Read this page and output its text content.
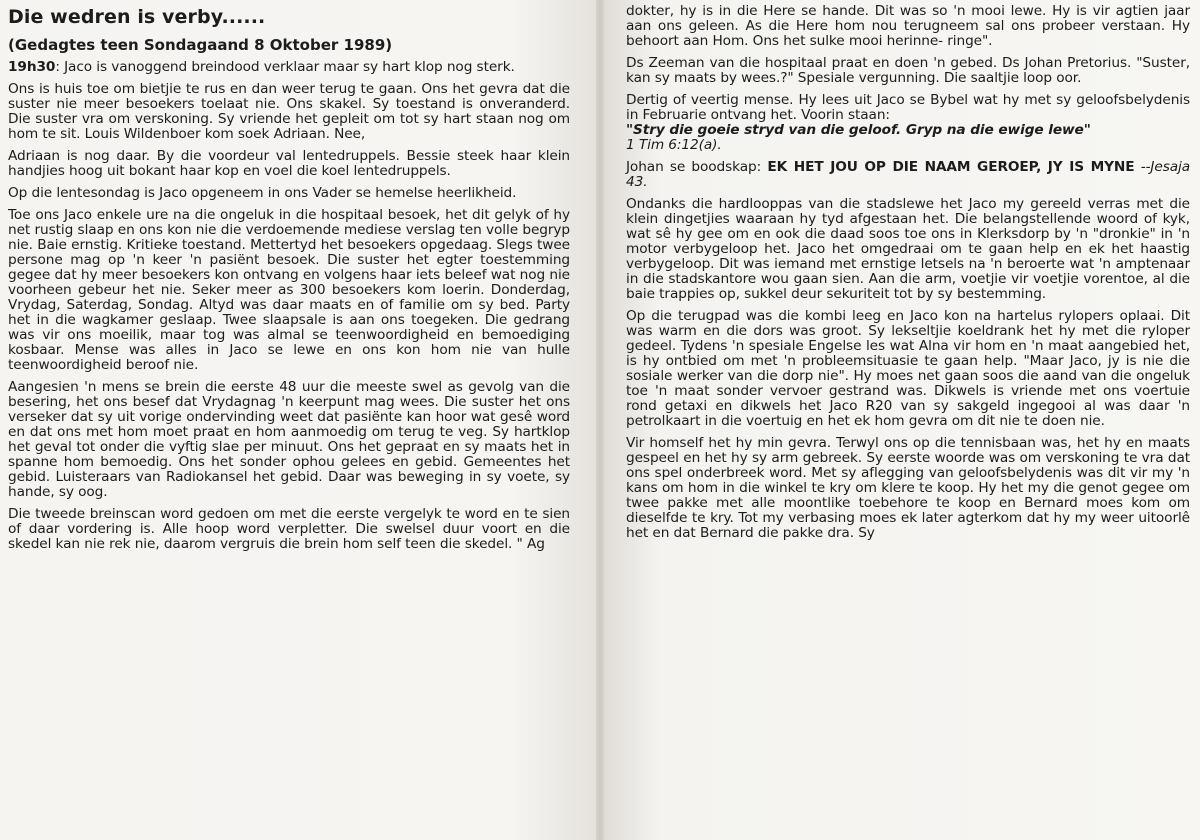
Die wedren is verby......
(Gedagtes teen Sondagaand 8 Oktober 1989)

19h30: Jaco is vanoggend breindood verklaar maar sy hart klop nog sterk.

Ons is huis toe om bietjie te rus en dan weer terug te gaan. Ons het gevra dat die suster nie meer besoekers toelaat nie. Ons skakel. Sy toestand is onveranderd. Die suster vra om verskoning. Sy vriende het gepleit om tot sy hart staan nog om hom te sit. Louis Wildenboer kom soek Adriaan. Nee,

Adriaan is nog daar. By die voordeur val lentedruppels. Bessie steek haar klein handjies hoog uit bokant haar kop en voel die koel lentedruppels.

Op die lentesondag is Jaco opgeneem in ons Vader se hemelse heerlikheid.

Toe ons Jaco enkele ure na die ongeluk in die hospitaal besoek, het dit gelyk of hy net rustig slaap en ons kon nie die verdoemende mediese verslag ten volle begryp nie. Baie ernstig. Kritieke toestand. Mettertyd het besoekers opgedaag. Slegs twee persone mag op 'n keer 'n pasiënt besoek. Die suster het egter toestemming gegee dat hy meer besoekers kon ontvang en volgens haar iets beleef wat nog nie voorheen gebeur het nie. Seker meer as 300 besoekers kom loerin. Donderdag, Vrydag, Saterdag, Sondag. Altyd was daar maats en of familie om sy bed. Party het in die wagkamer geslaap. Twee slaapsale is aan ons toegeken. Die gedrang was vir ons moeilik, maar tog was almal se teenwoordigheid en bemoediging kosbaar. Mense was alles in Jaco se lewe en ons kon hom nie van hulle teenwoordigheid beroof nie.

Aangesien 'n mens se brein die eerste 48 uur die meeste swel as gevolg van die besering, het ons besef dat Vrydagnag 'n keerpunt mag wees. Die suster het ons verseker dat sy uit vorige ondervinding weet dat pasiënte kan hoor wat gesê word en dat ons met hom moet praat en hom aanmoedig om terug te veg. Sy hartklop het geval tot onder die vyftig slae per minuut. Ons het gepraat en sy maats het in spanne hom bemoedig. Ons het sonder ophou gelees en gebid. Gemeentes het gebid. Luisteraars van Radiokansel het gebid. Daar was beweging in sy voete, sy hande, sy oog.

Die tweede breinscan word gedoen om met die eerste vergelyk te word en te sien of daar vordering is. Alle hoop word verpletter. Die swelsel duur voort en die skedel kan nie rek nie, daarom vergruis die brein hom self teen die skedel. " Ag

dokter, hy is in die Here se hande. Dit was so 'n mooi lewe. Hy is vir agtien jaar aan ons geleen. As die Here hom nou terugneem sal ons probeer verstaan. Hy behoort aan Hom. Ons het sulke mooi herinne- ringe".

Ds Zeeman van die hospitaal praat en doen 'n gebed. Ds Johan Pretorius. "Suster, kan sy maats by wees.?" Spesiale vergunning. Die saaltjie loop oor.

Dertig of veertig mense. Hy lees uit Jaco se Bybel wat hy met sy geloofsbelydenis in Februarie ontvang het. Voorin staan:
"Stry die goeie stryd van die geloof. Gryp na die ewige lewe"
1 Tim 6:12(a).

Johan se boodskap: EK HET JOU OP DIE NAAM GEROEP, JY IS MYNE --Jesaja 43.

Ondanks die hardlooppas van die stadslewe het Jaco my gereeld verras met die klein dingetjies waaraan hy tyd afgestaan het. Die belangstellende woord of kyk, wat sê hy gee om en ook die daad soos toe ons in Klerksdorp by 'n "dronkie" in 'n motor verbygeloop het. Jaco het omgedraai om te gaan help en ek het haastig verbygeloop. Dit was iemand met ernstige letsels na 'n beroerte wat 'n amptenaar in die stadskantore wou gaan sien. Aan die arm, voetjie vir voetjie vorentoe, al die baie trappies op, sukkel deur sekuriteit tot by sy bestemming.

Op die terugpad was die kombi leeg en Jaco kon na hartelus rylopers oplaai. Dit was warm en die dors was groot. Sy lekseltjie koeldrank het hy met die ryloper gedeel. Tydens 'n spesiale Engelse les wat Alna vir hom en 'n maat aangebied het, is hy ontbied om met 'n probleemsituasie te gaan help. "Maar Jaco, jy is nie die sosiale werker van die dorp nie". Hy moes net gaan soos die aand van die ongeluk toe 'n maat sonder vervoer gestrand was. Dikwels is vriende met ons voertuie rond getaxi en dikwels het Jaco R20 van sy sakgeld ingegooi al was daar 'n petrolkaart in die voertuig en het ek hom gevra om dit nie te doen nie.

Vir homself het hy min gevra. Terwyl ons op die tennisbaan was, het hy en maats gespeel en het hy sy arm gebreek. Sy eerste woorde was om verskoning te vra dat ons spel onderbreek word. Met sy aflegging van geloofsbelydenis was dit vir my 'n kans om hom in die winkel te kry om klere te koop. Hy het my die genot gegee om twee pakke met alle moontlike toebehore te koop en Bernard moes kom om dieselfde te kry. Tot my verbasing moes ek later agterkom dat hy my weer uitoorlê het en dat Bernard die pakke dra. Sy
